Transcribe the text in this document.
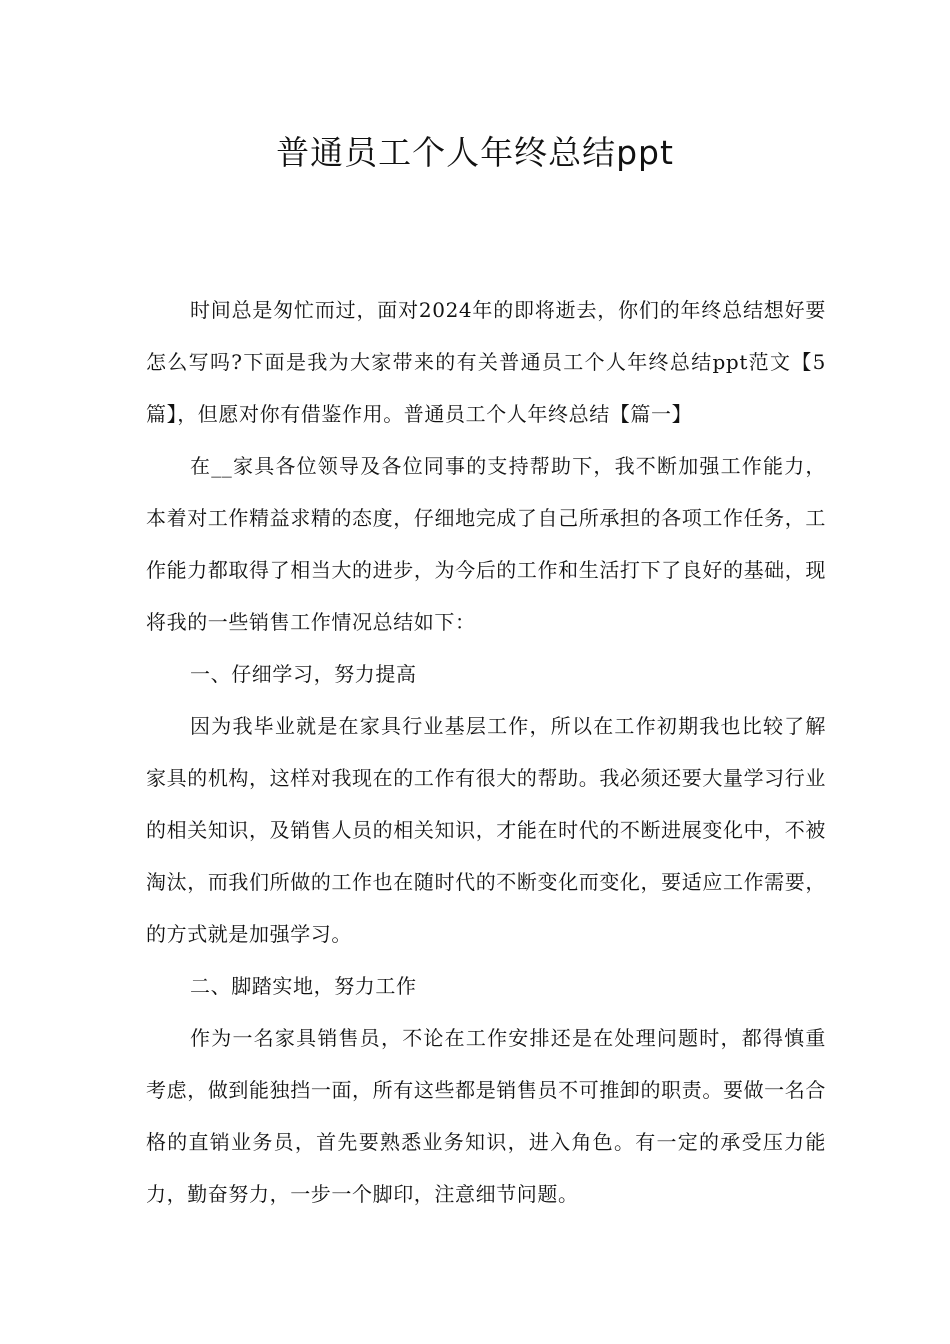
普通员工个人年终总结ppt

时间总是匆忙而过，面对2024年的即将逝去，你们的年终总结想好要怎么写吗?下面是我为大家带来的有关普通员工个人年终总结ppt范文【5篇】，但愿对你有借鉴作用。普通员工个人年终总结【篇一】

在__家具各位领导及各位同事的支持帮助下，我不断加强工作能力，本着对工作精益求精的态度，仔细地完成了自己所承担的各项工作任务，工作能力都取得了相当大的进步，为今后的工作和生活打下了良好的基础，现将我的一些销售工作情况总结如下：

一、仔细学习，努力提高

因为我毕业就是在家具行业基层工作，所以在工作初期我也比较了解家具的机构，这样对我现在的工作有很大的帮助。我必须还要大量学习行业的相关知识，及销售人员的相关知识，才能在时代的不断进展变化中，不被淘汰，而我们所做的工作也在随时代的不断变化而变化，要适应工作需要，的方式就是加强学习。

二、脚踏实地，努力工作

作为一名家具销售员，不论在工作安排还是在处理问题时，都得慎重考虑，做到能独挡一面，所有这些都是销售员不可推卸的职责。要做一名合格的直销业务员，首先要熟悉业务知识，进入角色。有一定的承受压力能力，勤奋努力，一步一个脚印，注意细节问题。
